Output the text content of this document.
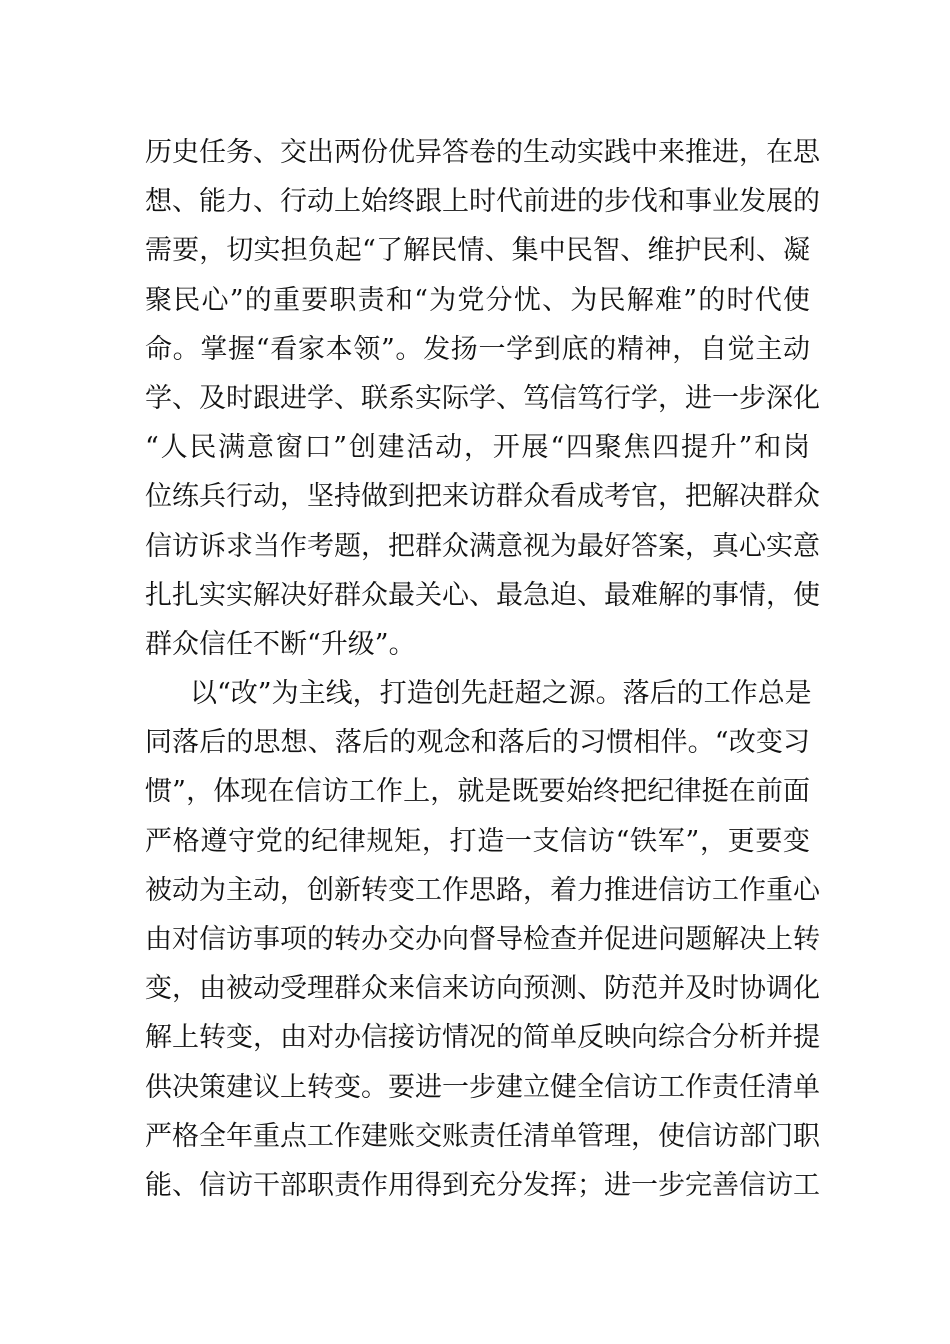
历史任务、交出两份优异答卷的生动实践中来推进，在思
想、能力、行动上始终跟上时代前进的步伐和事业发展的
需要，切实担负起“了解民情、集中民智、维护民利、凝
聚民心”的重要职责和“为党分忧、为民解难”的时代使
命。掌握“看家本领”。发扬一学到底的精神，自觉主动
学、及时跟进学、联系实际学、笃信笃行学，进一步深化
“人民满意窗口”创建活动，开展“四聚焦四提升”和岗
位练兵行动，坚持做到把来访群众看成考官，把解决群众
信访诉求当作考题，把群众满意视为最好答案，真心实意
扎扎实实解决好群众最关心、最急迫、最难解的事情，使
群众信任不断“升级”。
以“改”为主线，打造创先赶超之源。落后的工作总是
同落后的思想、落后的观念和落后的习惯相伴。“改变习
惯”，体现在信访工作上，就是既要始终把纪律挺在前面
严格遵守党的纪律规矩，打造一支信访“铁军”，更要变
被动为主动，创新转变工作思路，着力推进信访工作重心
由对信访事项的转办交办向督导检查并促进问题解决上转
变，由被动受理群众来信来访向预测、防范并及时协调化
解上转变，由对办信接访情况的简单反映向综合分析并提
供决策建议上转变。要进一步建立健全信访工作责任清单
严格全年重点工作建账交账责任清单管理，使信访部门职
能、信访干部职责作用得到充分发挥；进一步完善信访工
